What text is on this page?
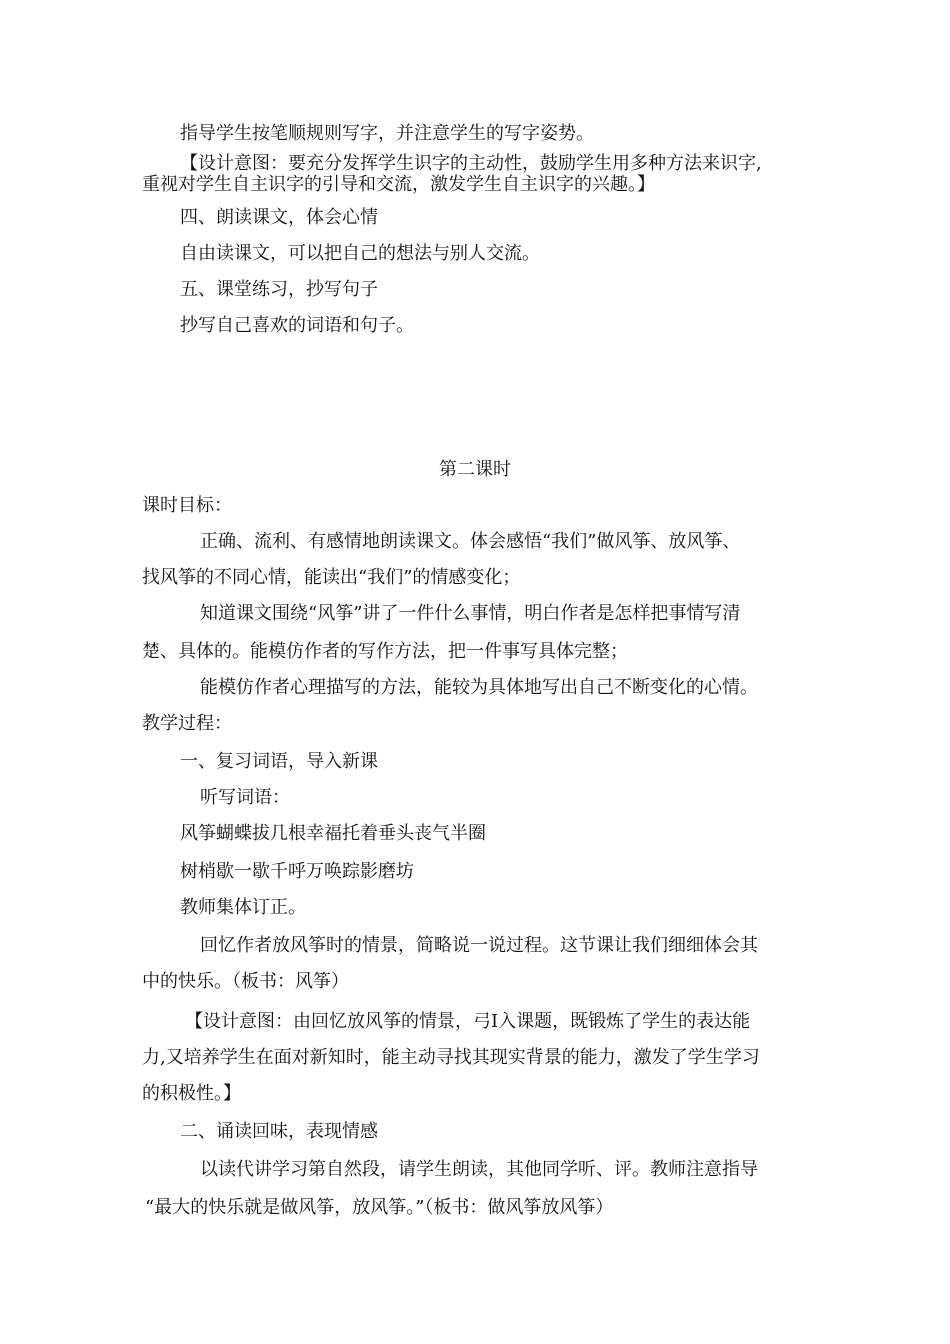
指导学生按笔顺规则写字，并注意学生的写字姿势。
【设计意图：要充分发挥学生识字的主动性，鼓励学生用多种方法来识字,
重视对学生自主识字的引导和交流，激发学生自主识字的兴趣。】
四、朗读课文，体会心情
自由读课文，可以把自己的想法与别人交流。
五、课堂练习，抄写句子
抄写自己喜欢的词语和句子。
第二课时
课时目标：
正确、流利、有感情地朗读课文。体会感悟“我们”做风筝、放风筝、
找风筝的不同心情，能读出“我们”的情感变化；
知道课文围绕“风筝”讲了一件什么事情，明白作者是怎样把事情写清
楚、具体的。能模仿作者的写作方法，把一件事写具体完整；
能模仿作者心理描写的方法，能较为具体地写出自己不断变化的心情。
教学过程：
一、复习词语，导入新课
听写词语：
风筝蝴蝶拔几根幸福托着垂头丧气半圈
树梢歇一歇千呼万唤踪影磨坊
教师集体订正。
回忆作者放风筝时的情景，简略说一说过程。这节课让我们细细体会其
中的快乐。（板书：风筝）
【设计意图：由回忆放风筝的情景，弓I入课题，既锻炼了学生的表达能
力,又培养学生在面对新知时，能主动寻找其现实背景的能力，激发了学生学习
的积极性。】
二、诵读回味，表现情感
以读代讲学习第自然段，请学生朗读，其他同学听、评。教师注意指导
“最大的快乐就是做风筝，放风筝。”（板书：做风筝放风筝）
